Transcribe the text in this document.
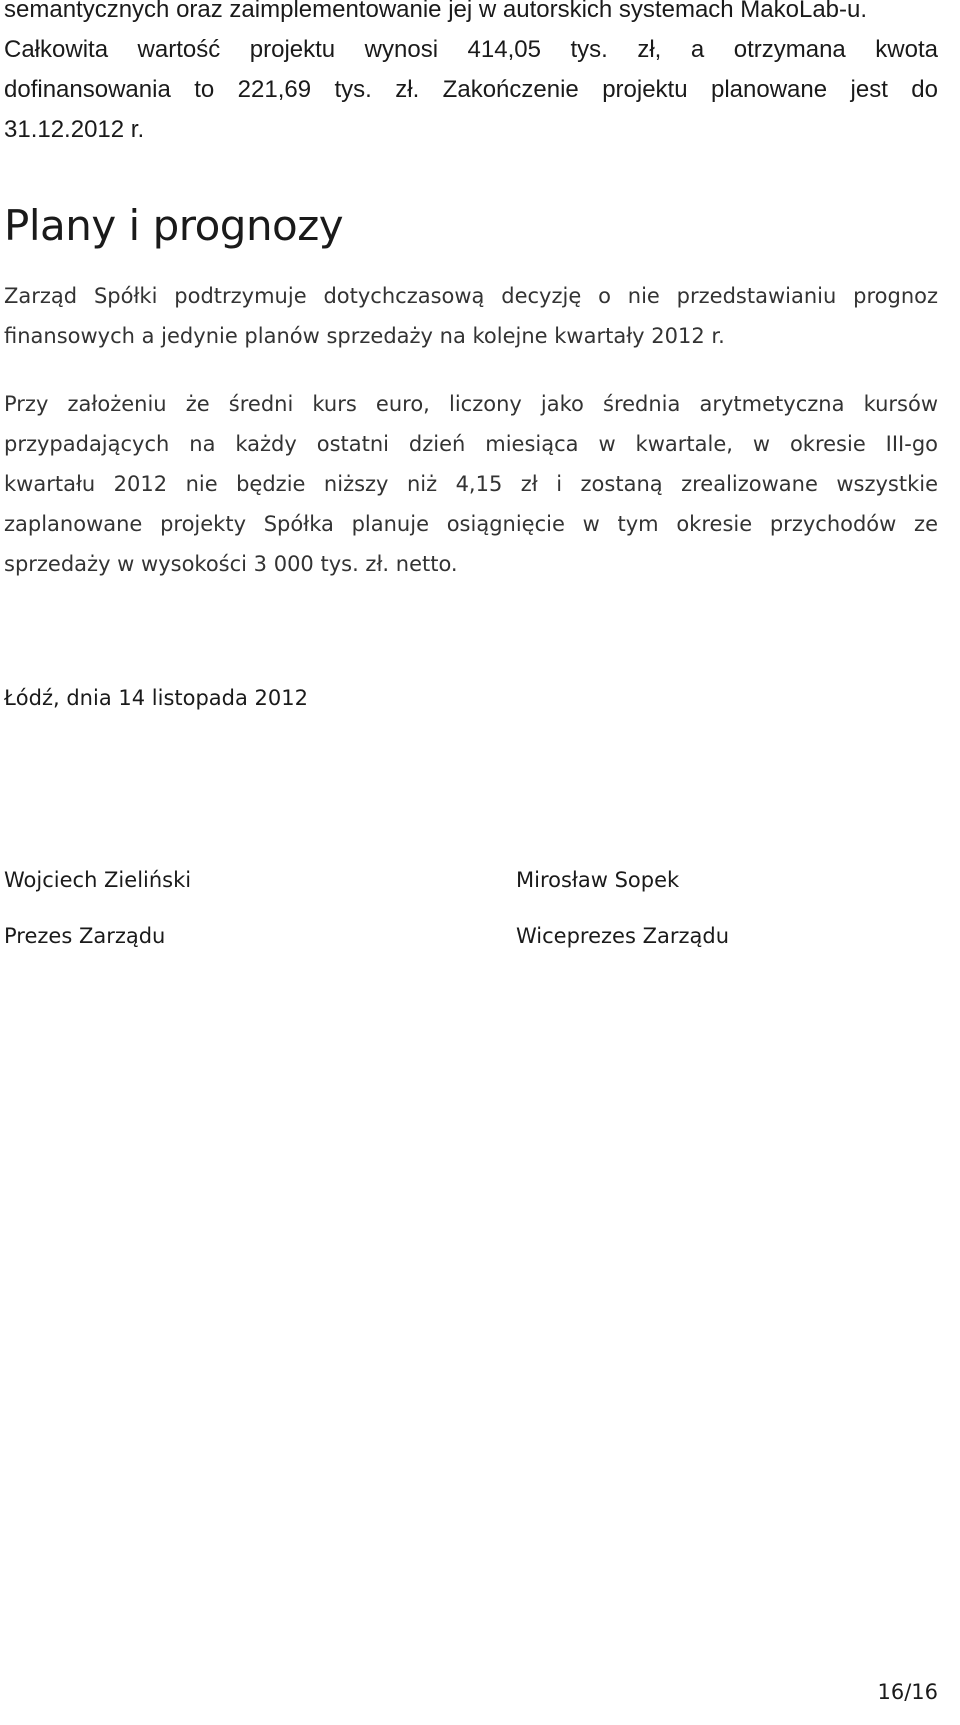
semantycznych oraz zaimplementowanie jej w autorskich systemach MakoLab-u.
Całkowita wartość projektu wynosi 414,05 tys. zł, a otrzymana kwota
dofinansowania to 221,69 tys. zł. Zakończenie projektu planowane jest do
31.12.2012 r.
Plany i prognozy
Zarząd Spółki podtrzymuje dotychczasową decyzję o nie przedstawianiu prognoz
finansowych a jedynie planów sprzedaży na kolejne kwartały 2012 r.
Przy założeniu że średni kurs euro, liczony jako średnia arytmetyczna kursów
przypadających na każdy ostatni dzień miesiąca w kwartale, w okresie III-go
kwartału 2012 nie będzie niższy niż 4,15 zł i zostaną zrealizowane wszystkie
zaplanowane projekty Spółka planuje osiągnięcie w tym okresie przychodów ze
sprzedaży w wysokości 3 000 tys. zł. netto.

Łódź, dnia 14 listopada 2012

Wojciech Zieliński
Prezes Zarządu
Mirosław Sopek
Wiceprezes Zarządu
16/16
